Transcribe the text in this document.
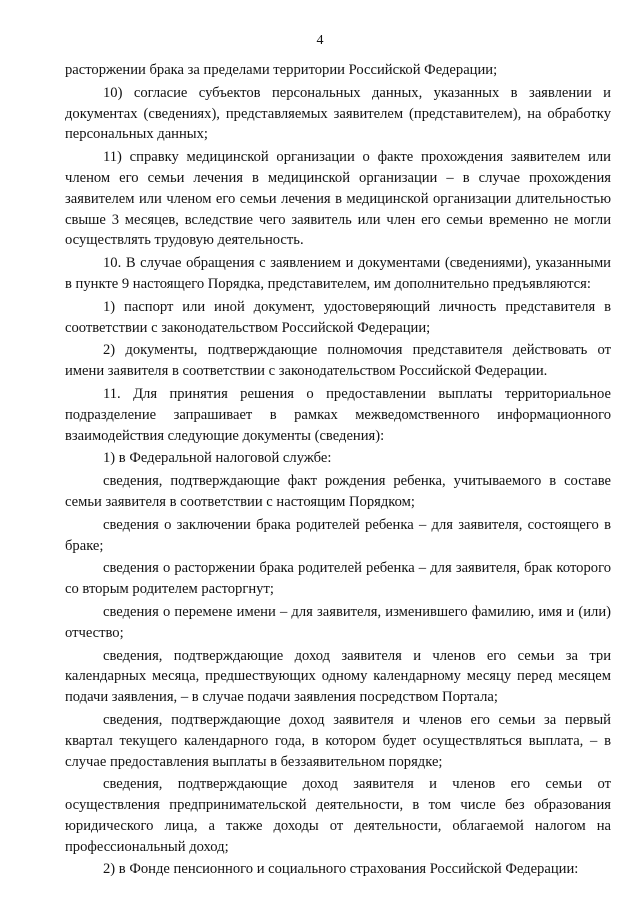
4

расторжении брака за пределами территории Российской Федерации;

10) согласие субъектов персональных данных, указанных в заявлении и документах (сведениях), представляемых заявителем (представителем), на обработку персональных данных;

11) справку медицинской организации о факте прохождения заявителем или членом его семьи лечения в медицинской организации – в случае прохождения заявителем или членом его семьи лечения в медицинской организации длительностью свыше 3 месяцев, вследствие чего заявитель или член его семьи временно не могли осуществлять трудовую деятельность.

10. В случае обращения с заявлением и документами (сведениями), указанными в пункте 9 настоящего Порядка, представителем, им дополнительно предъявляются:

1) паспорт или иной документ, удостоверяющий личность представителя в соответствии с законодательством Российской Федерации;

2) документы, подтверждающие полномочия представителя действовать от имени заявителя в соответствии с законодательством Российской Федерации.

11. Для принятия решения о предоставлении выплаты территориальное подразделение запрашивает в рамках межведомственного информационного взаимодействия следующие документы (сведения):

1) в Федеральной налоговой службе:

сведения, подтверждающие факт рождения ребенка, учитываемого в составе семьи заявителя в соответствии с настоящим Порядком;

сведения о заключении брака родителей ребенка – для заявителя, состоящего в браке;

сведения о расторжении брака родителей ребенка – для заявителя, брак которого со вторым родителем расторгнут;

сведения о перемене имени – для заявителя, изменившего фамилию, имя и (или) отчество;

сведения, подтверждающие доход заявителя и членов его семьи за три календарных месяца, предшествующих одному календарному месяцу перед месяцем подачи заявления, – в случае подачи заявления посредством Портала;

сведения, подтверждающие доход заявителя и членов его семьи за первый квартал текущего календарного года, в котором будет осуществляться выплата, – в случае предоставления выплаты в беззаявительном порядке;

сведения, подтверждающие доход заявителя и членов его семьи от осуществления предпринимательской деятельности, в том числе без образования юридического лица, а также доходы от деятельности, облагаемой налогом на профессиональный доход;

2) в Фонде пенсионного и социального страхования Российской Федерации:
